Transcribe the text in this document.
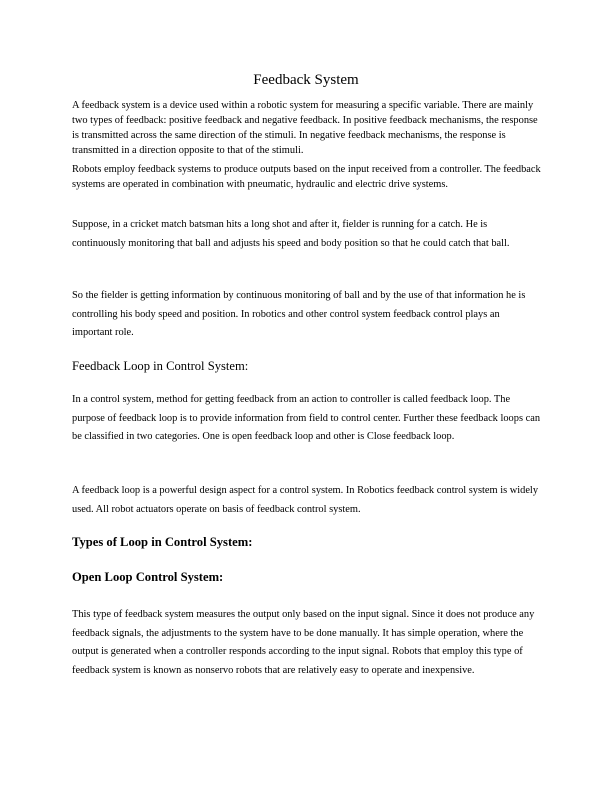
Feedback System

A feedback system is a device used within a robotic system for measuring a specific variable. There are mainly two types of feedback: positive feedback and negative feedback. In positive feedback mechanisms, the response is transmitted across the same direction of the stimuli. In negative feedback mechanisms, the response is transmitted in a direction opposite to that of the stimuli.

Robots employ feedback systems to produce outputs based on the input received from a controller. The feedback systems are operated in combination with pneumatic, hydraulic and electric drive systems.

Suppose, in a cricket match batsman hits a long shot and after it, fielder is running for a catch. He is continuously monitoring that ball and adjusts his speed and body position so that he could catch that ball.

So the fielder is getting information by continuous monitoring of ball and by the use of that information he is controlling his body speed and position. In robotics and other control system feedback control plays an important role.

Feedback Loop in Control System:

In a control system, method for getting feedback from an action to controller is called feedback loop. The purpose of feedback loop is to provide information from field to control center. Further these feedback loops can be classified in two categories. One is open feedback loop and other is Close feedback loop.

A feedback loop is a powerful design aspect for a control system. In Robotics feedback control system is widely used. All robot actuators operate on basis of feedback control system.

Types of Loop in Control System:
Open Loop Control System:

This type of feedback system measures the output only based on the input signal. Since it does not produce any feedback signals, the adjustments to the system have to be done manually. It has simple operation, where the output is generated when a controller responds according to the input signal. Robots that employ this type of feedback system is known as nonservo robots that are relatively easy to operate and inexpensive.
